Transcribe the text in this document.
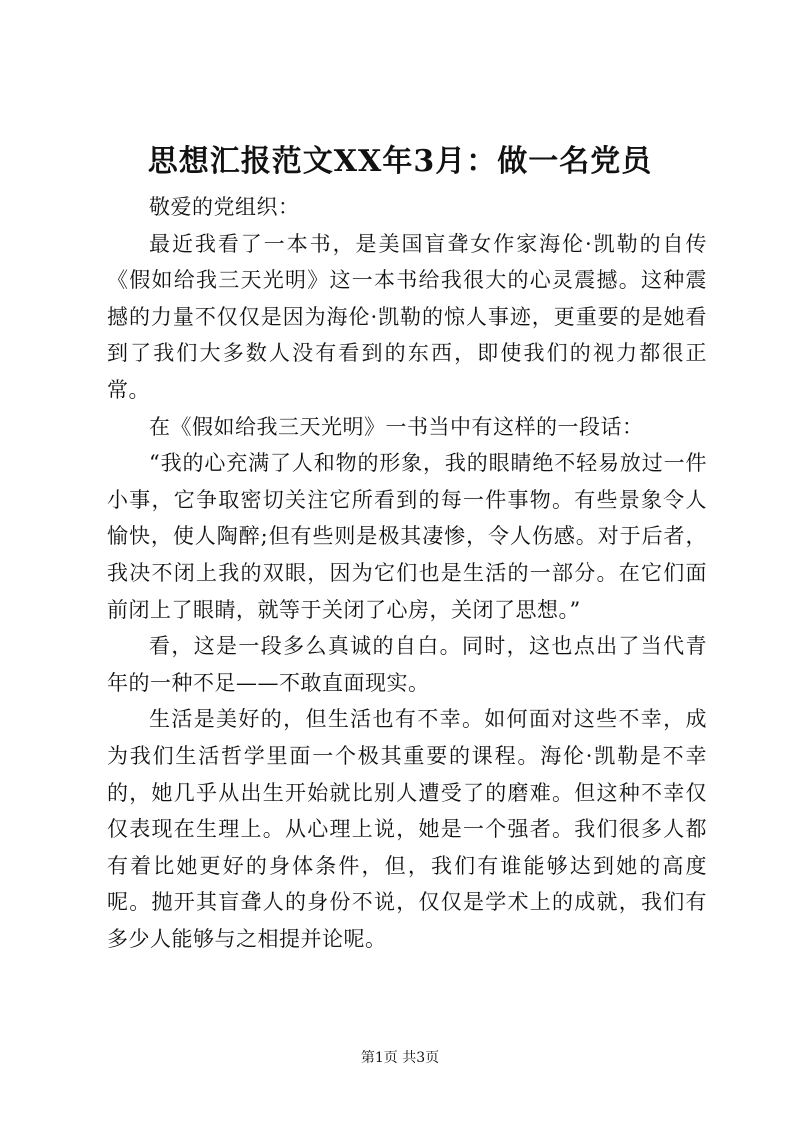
思想汇报范文XX年3月：做一名党员

敬爱的党组织：

最近我看了一本书，是美国盲聋女作家海伦·凯勒的自传《假如给我三天光明》这一本书给我很大的心灵震撼。这种震撼的力量不仅仅是因为海伦·凯勒的惊人事迹，更重要的是她看到了我们大多数人没有看到的东西，即使我们的视力都很正常。

在《假如给我三天光明》一书当中有这样的一段话：

“我的心充满了人和物的形象，我的眼睛绝不轻易放过一件小事，它争取密切关注它所看到的每一件事物。有些景象令人愉快，使人陶醉;但有些则是极其凄惨，令人伤感。对于后者，我决不闭上我的双眼，因为它们也是生活的一部分。在它们面前闭上了眼睛，就等于关闭了心房，关闭了思想。”

看，这是一段多么真诚的自白。同时，这也点出了当代青年的一种不足——不敢直面现实。

生活是美好的，但生活也有不幸。如何面对这些不幸，成为我们生活哲学里面一个极其重要的课程。海伦·凯勒是不幸的，她几乎从出生开始就比别人遭受了的磨难。但这种不幸仅仅表现在生理上。从心理上说，她是一个强者。我们很多人都有着比她更好的身体条件，但，我们有谁能够达到她的高度呢。抛开其盲聋人的身份不说，仅仅是学术上的成就，我们有多少人能够与之相提并论呢。

第1页 共3页
